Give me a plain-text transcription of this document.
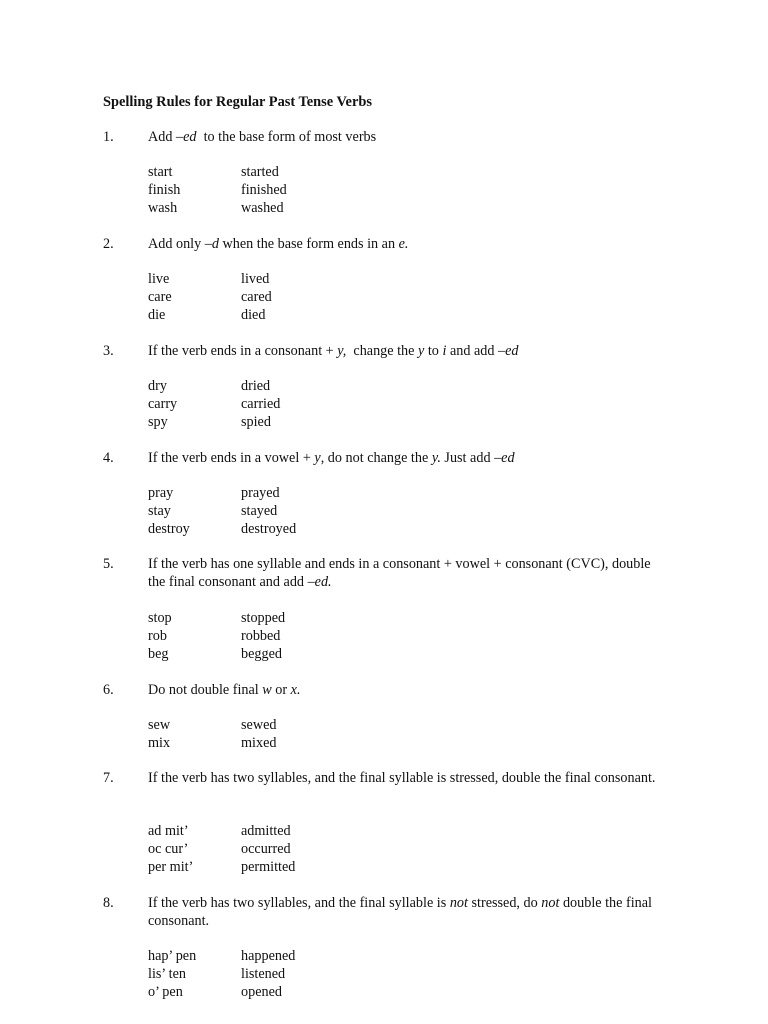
Spelling Rules for Regular Past Tense Verbs
1. Add –ed  to the base form of most verbs
start	started
finish	finished
wash	washed
2. Add only –d when the base form ends in an e.
live	lived
care	cared
die	died
3. If the verb ends in a consonant + y,  change the y to i and add –ed
dry	dried
carry	carried
spy	spied
4. If the verb ends in a vowel + y, do not change the y. Just add –ed
pray	prayed
stay	stayed
destroy	destroyed
5. If the verb has one syllable and ends in a consonant + vowel + consonant (CVC), double the final consonant and add –ed.
stop	stopped
rob	robbed
beg	begged
6. Do not double final w or x.
sew	sewed
mix	mixed
7. If the verb has two syllables, and the final syllable is stressed, double the final consonant.
ad mit’	admitted
oc cur’	occurred
per mit’	permitted
8. If the verb has two syllables, and the final syllable is not stressed, do not double the final consonant.
hap’ pen	happened
lis’ ten	listened
o’ pen	opened
